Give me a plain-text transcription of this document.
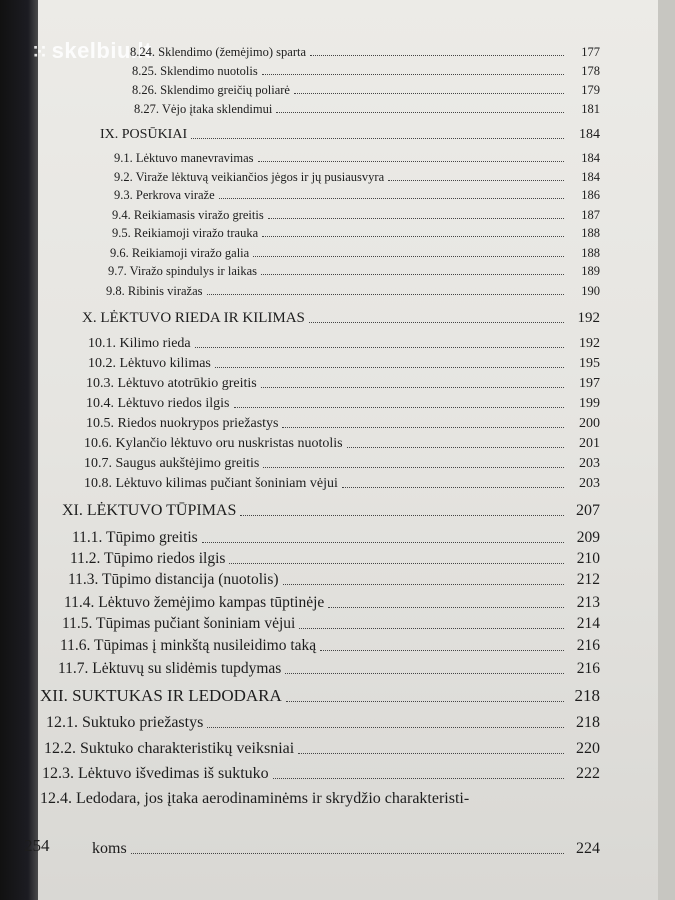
⁙ skelbiu.lt
8.24. Sklendimo (žemėjimo) sparta	177
8.25. Sklendimo nuotolis	178
8.26. Sklendimo greičių poliarė	179
8.27. Vėjo įtaka sklendimui	181
IX. POSŪKIAI	184
9.1. Lėktuvo manevravimas	184
9.2. Viraže lėktuvą veikiančios jėgos ir jų pusiausvyra	184
9.3. Perkrova viraže	186
9.4. Reikiamasis viražo greitis	187
9.5. Reikiamoji viražo trauka	188
9.6. Reikiamoji viražo galia	188
9.7. Viražo spindulys ir laikas	189
9.8. Ribinis viražas	190
X. LĖKTUVO RIEDA IR KILIMAS	192
10.1. Kilimo rieda	192
10.2. Lėktuvo kilimas	195
10.3. Lėktuvo atotrūkio greitis	197
10.4. Lėktuvo riedos ilgis	199
10.5. Riedos nuokrypos priežastys	200
10.6. Kylančio lėktuvo oru nuskristas nuotolis	201
10.7. Saugus aukštėjimo greitis	203
10.8. Lėktuvo kilimas pučiant šoniniam vėjui	203
XI. LĖKTUVO TŪPIMAS	207
11.1. Tūpimo greitis	209
11.2. Tūpimo riedos ilgis	210
11.3. Tūpimo distancija (nuotolis)	212
11.4. Lėktuvo žemėjimo kampas tūptinėje	213
11.5. Tūpimas pučiant šoniniam vėjui	214
11.6. Tūpimas į minkštą nusileidimo taką	216
11.7. Lėktuvų su slidėmis tupdymas	216
XII. SUKTUKAS IR LEDODARA	218
12.1. Suktuko priežastys	218
12.2. Suktuko charakteristikų veiksniai	220
12.3. Lėktuvo išvedimas iš suktuko	222
12.4. Ledodara, jos įtaka aerodinaminėms ir skrydžio charakteristi-
koms	224
254
